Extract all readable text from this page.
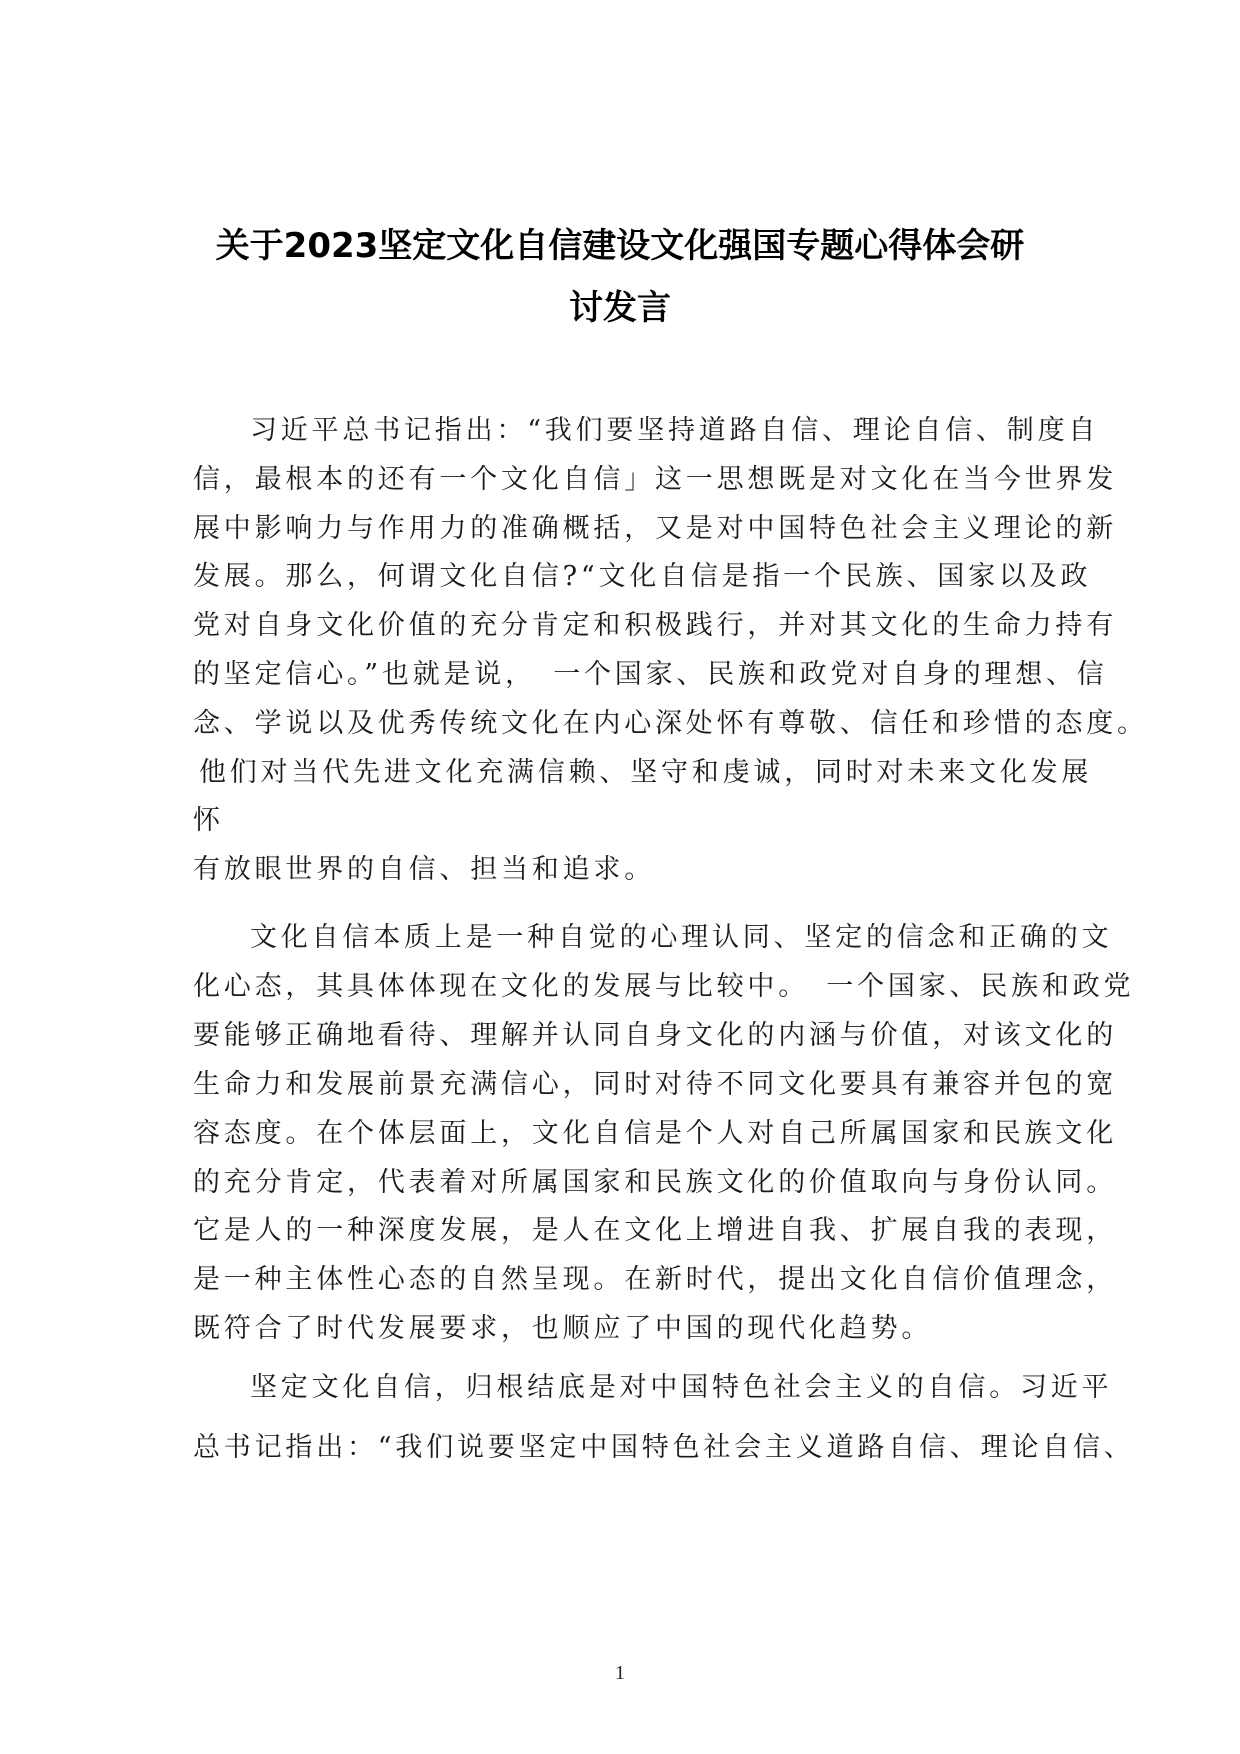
关于2023坚定文化自信建设文化强国专题心得体会研
讨发言
习近平总书记指出：“我们要坚持道路自信、理论自信、制度自
信，最根本的还有一个文化自信」这一思想既是对文化在当今世界发
展中影响力与作用力的准确概括，又是对中国特色社会主义理论的新
发展。那么，何谓文化自信?“文化自信是指一个民族、国家以及政
党对自身文化价值的充分肯定和积极践行，并对其文化的生命力持有
的坚定信心。”也就是说，　一个国家、民族和政党对自身的理想、信
念、学说以及优秀传统文化在内心深处怀有尊敬、信任和珍惜的态度。
他们对当代先进文化充满信赖、坚守和虔诚，同时对未来文化发展
怀
有放眼世界的自信、担当和追求。
文化自信本质上是一种自觉的心理认同、坚定的信念和正确的文
化心态，其具体体现在文化的发展与比较中。　一个国家、民族和政党
要能够正确地看待、理解并认同自身文化的内涵与价值，对该文化的
生命力和发展前景充满信心，同时对待不同文化要具有兼容并包的宽
容态度。在个体层面上，文化自信是个人对自己所属国家和民族文化
的充分肯定，代表着对所属国家和民族文化的价值取向与身份认同。
它是人的一种深度发展，是人在文化上增进自我、扩展自我的表现，
是一种主体性心态的自然呈现。在新时代，提出文化自信价值理念，
既符合了时代发展要求，也顺应了中国的现代化趋势。
坚定文化自信，归根结底是对中国特色社会主义的自信。习近平
总书记指出：“我们说要坚定中国特色社会主义道路自信、理论自信、
1
